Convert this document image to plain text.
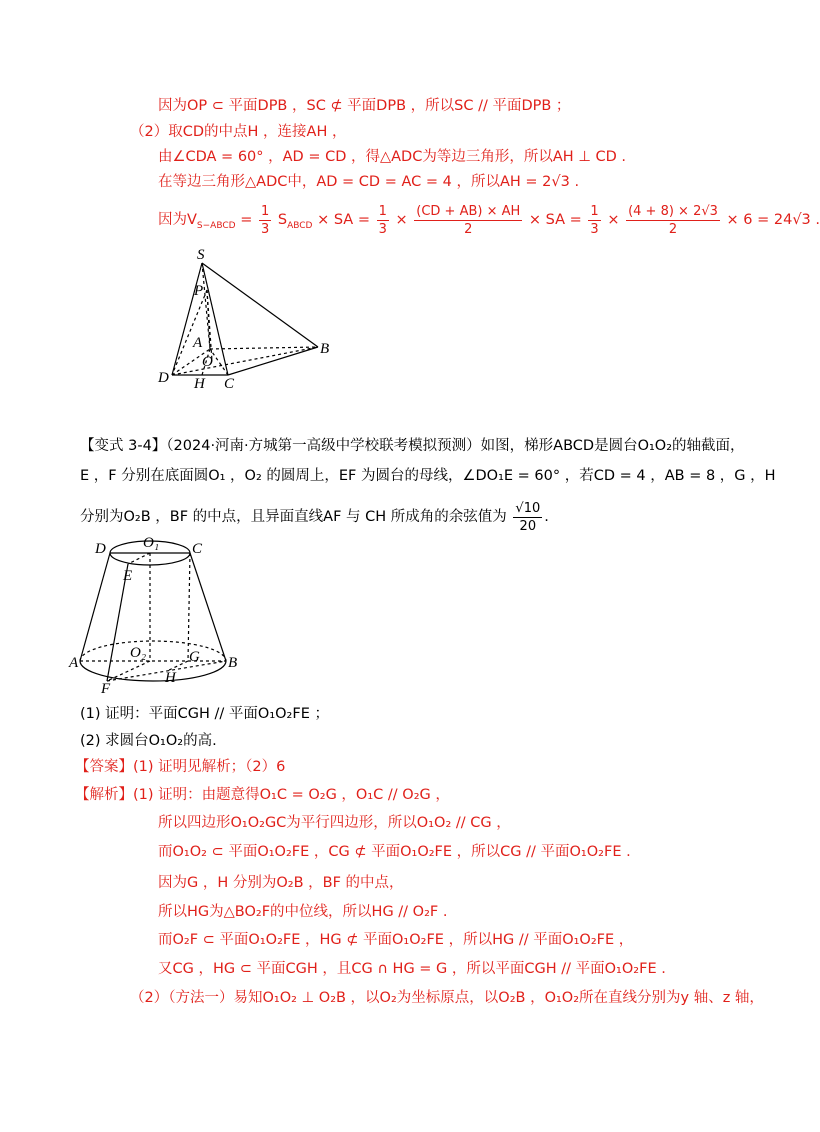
因为OP ⊂ 平面DPB ，SC ⊄ 平面DPB ，所以SC // 平面DPB ；
（2）取CD的中点H ，连接AH ，
由∠CDA = 60° ，AD = CD ，得△ADC为等边三角形，所以AH ⊥ CD .
在等边三角形△ADC中，AD = CD = AC = 4 ，所以AH = 2√3 .
因为$V_{S-ABCD} = \frac{1}{3} S_{ABCD}$ × SA = $\frac{1}{3} \times \frac{(CD + AB) \times AH}{2}$ × SA = $\frac{1}{3} \times \frac{(4 + 8) \times 2√3}{2} \times 6 = 24√3$ .
S
P
A
O
B
D H C
【变式 3-4】（2024·河南·方城第一高级中学校联考模拟预测）如图，梯形ABCD是圆台O₁O₂的轴截面，
E ，F 分别在底面圆O₁ ，O₂ 的圆周上，EF 为圆台的母线，∠DO₁E = 60° ，若CD = 4 ，AB = 8 ，G ，H
分别为O₂B ，BF 的中点，且异面直线AF 与 CH 所成角的余弦值为 $\frac{√10}{20}$ .
D O₁ C
E
O₂	G
A	B
F
H
(1) 证明：平面CGH // 平面O₁O₂FE ；
(2) 求圆台O₁O₂的高.
【答案】(1) 证明见解析；（2）6
【解析】(1) 证明：由题意得O₁C = O₂G ，O₁C // O₂G ，
所以四边形O₁O₂GC为平行四边形，所以O₁O₂ // CG ，
而O₁O₂ ⊂ 平面O₁O₂FE ，CG ⊄ 平面O₁O₂FE ，所以CG // 平面O₁O₂FE .
因为G ，H 分别为O₂B ，BF 的中点，
所以HG为△BO₂F的中位线，所以HG // O₂F .
而O₂F ⊂ 平面O₁O₂FE ，HG ⊄ 平面O₁O₂FE ，所以HG // 平面O₁O₂FE ，
又CG ，HG ⊂ 平面CGH ，且CG ∩ HG = G ，所以平面CGH // 平面O₁O₂FE .
（2）（方法一）易知O₁O₂ ⊥ O₂B ，以O₂为坐标原点，以O₂B ，O₁O₂所在直线分别为y 轴、z 轴，
